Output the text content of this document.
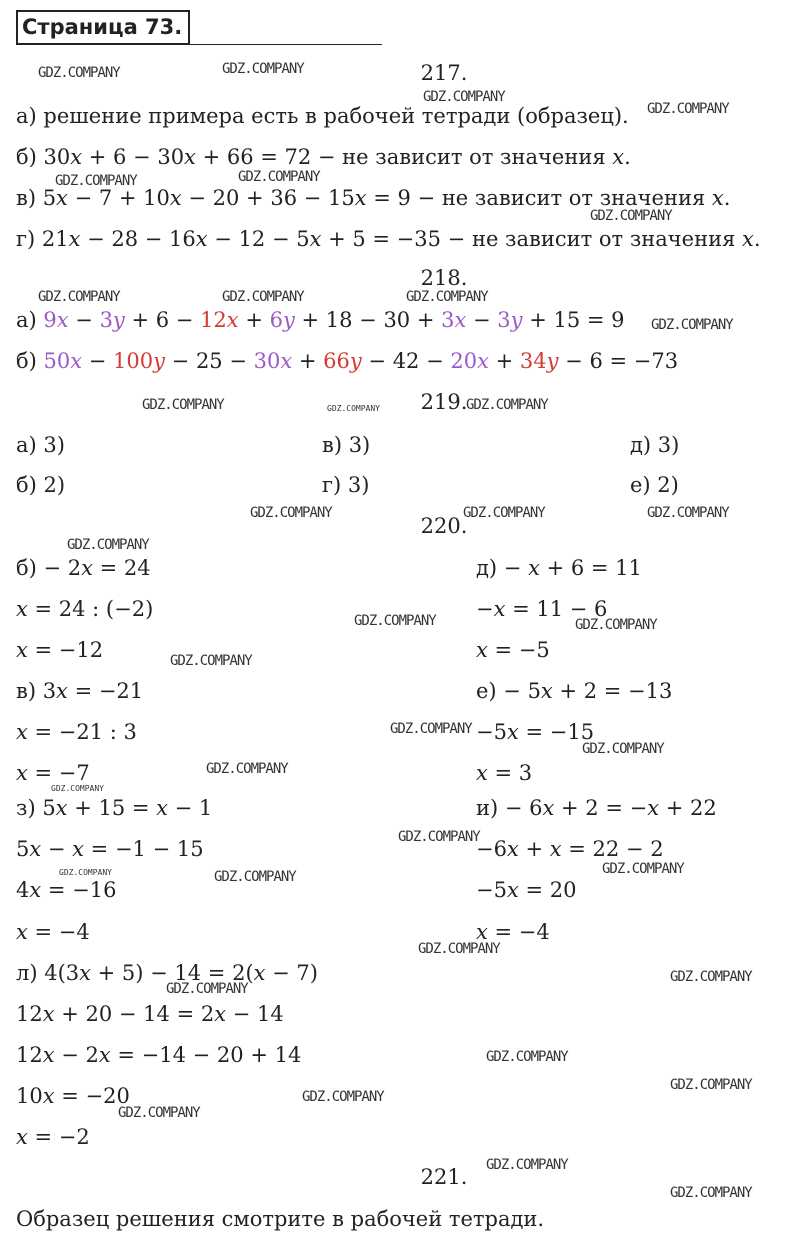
Страница 73.
217.
а) решение примера есть в рабочей тетради (образец).
б) 30𝑥 + 6 − 30𝑥 + 66 = 72 − не зависит от значения 𝑥.
в) 5𝑥 − 7 + 10𝑥 − 20 + 36 − 15𝑥 = 9 − не зависит от значения 𝑥.
г) 21𝑥 − 28 − 16𝑥 − 12 − 5𝑥 + 5 = −35 − не зависит от значения 𝑥.
218.
а) 9𝑥 − 3𝑦 + 6 − 12𝑥 + 6𝑦 + 18 − 30 + 3𝑥 − 3𝑦 + 15 = 9
б) 50𝑥 − 100𝑦 − 25 − 30𝑥 + 66𝑦 − 42 − 20𝑥 + 34𝑦 − 6 = −73
219.
а) 3)	в) 3)	д) 3)
б) 2)	г) 3)	е) 2)
220.
б) − 2𝑥 = 24
𝑥 = 24 : (−2)
𝑥 = −12
в) 3𝑥 = −21
𝑥 = −21 : 3
𝑥 = −7
з) 5𝑥 + 15 = 𝑥 − 1
5𝑥 − 𝑥 = −1 − 15
4𝑥 = −16
𝑥 = −4
л) 4(3𝑥 + 5) − 14 = 2(𝑥 − 7)
12𝑥 + 20 − 14 = 2𝑥 − 14
12𝑥 − 2𝑥 = −14 − 20 + 14
10𝑥 = −20
𝑥 = −2
д) − 𝑥 + 6 = 11
−𝑥 = 11 − 6
𝑥 = −5
е) − 5𝑥 + 2 = −13
−5𝑥 = −15
𝑥 = 3
и) − 6𝑥 + 2 = −𝑥 + 22
−6𝑥 + 𝑥 = 22 − 2
−5𝑥 = 20
𝑥 = −4
221.
Образец решения смотрите в рабочей тетради.
GDZ.COMPANY	GDZ.COMPANY
GDZ.COMPANY
GDZ.COMPANY
GDZ.COMPANY	GDZ.COMPANY
GDZ.COMPANY
GDZ.COMPANY	GDZ.COMPANY	GDZ.COMPANY
GDZ.COMPANY
GDZ.COMPANY	GDZ.COMPANY	GDZ.COMPANY
GDZ.COMPANY	GDZ.COMPANY	GDZ.COMPANY
GDZ.COMPANY
GDZ.COMPANY	GDZ.COMPANY
GDZ.COMPANY
GDZ.COMPANY
GDZ.COMPANY
GDZ.COMPANY
GDZ.COMPANY
GDZ.COMPANY
GDZ.COMPANY
GDZ.COMPANY	GDZ.COMPANY
GDZ.COMPANY
GDZ.COMPANY
GDZ.COMPANY
GDZ.COMPANY
GDZ.COMPANY
GDZ.COMPANY
GDZ.COMPANY
GDZ.COMPANY
GDZ.COMPANY
